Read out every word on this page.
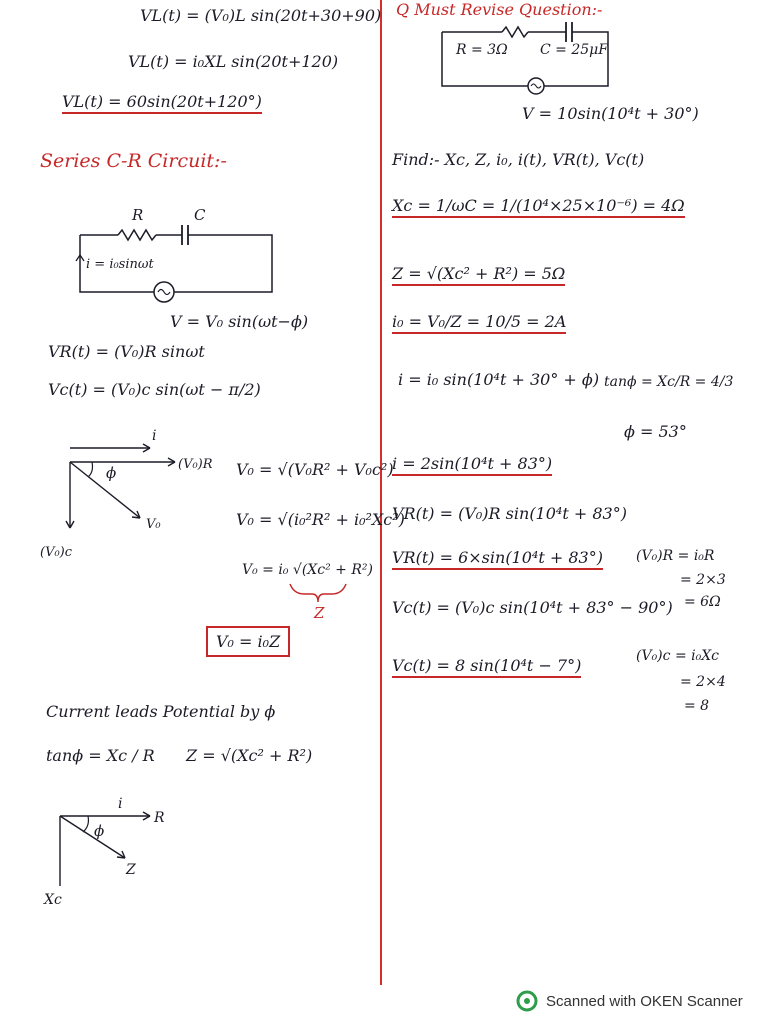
VL(t) = (V₀)L sin(20t+30+90)
VL(t) = i₀XL sin(20t+120)
VL(t) = 60sin(20t+120°)
Series C-R Circuit:-
R	C
i = i₀sinωt
V = V₀ sin(ωt−ϕ)
VR(t) = (V₀)R sinωt
Vc(t) = (V₀)c sin(ωt − π/2)
i
(V₀)R
ϕ
V₀
(V₀)c
V₀ = √(V₀R² + V₀c²)
V₀ = √(i₀²R² + i₀²Xc²)
V₀ = i₀ √(Xc² + R²)
Z
V₀ = i₀Z
Current leads Potential by ϕ
tanϕ = Xc / R Z = √(Xc² + R²)
i
R
ϕ
Z
Xc
Q Must Revise Question:-
R = 3Ω C = 25μF
V = 10sin(10⁴t + 30°)
Find:- Xc, Z, i₀, i(t), VR(t), Vc(t)
Xc = 1/ωC = 1/(10⁴×25×10⁻⁶) = 4Ω
Z = √(Xc² + R²) = 5Ω
i₀ = V₀/Z = 10/5 = 2A
i = i₀ sin(10⁴t + 30° + ϕ) tanϕ = Xc/R = 4/3
ϕ = 53°
i = 2sin(10⁴t + 83°)
VR(t) = (V₀)R sin(10⁴t + 83°)
VR(t) = 6×sin(10⁴t + 83°) (V₀)R = i₀R
= 2×3
= 6Ω
Vc(t) = (V₀)c sin(10⁴t + 83° − 90°)
Vc(t) = 8 sin(10⁴t − 7°)	(V₀)c = i₀Xc
= 2×4
= 8
Scanned with OKEN Scanner
